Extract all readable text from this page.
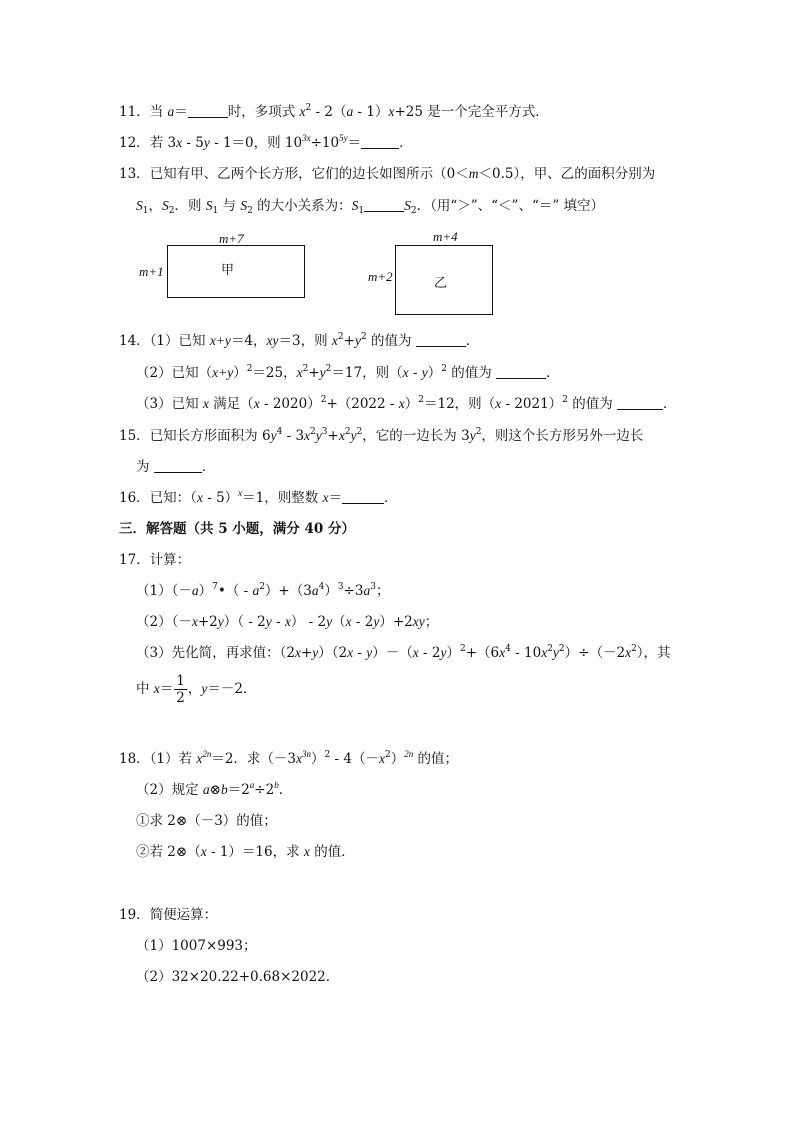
11．当 a＝	时，多项式 $x^2 - 2(a - 1)x+25$ 是一个完全平方式．
12．若 3x - 5y - 1＝0，则 $10^{3x}\div 10^{5y}=$	．
13．已知有甲、乙两个长方形，它们的边长如图所示（0＜m＜0.5），甲、乙的面积分别为
$S_1$，$S_2$．则 $S_1$ 与 $S_2$ 的大小关系为：$S_1$	$S_2$．（用“＞”、“＜”、“＝” 填空）
m+7
m+1	甲
m+4
m+2	乙
14．（1）已知 x+y＝4，xy＝3，则 $x^2+y^2$ 的值为	．
（2）已知$(x+y)^2=25$，$x^2+y^2=17$，则（x - y）$^2$ 的值为	．
（3）已知 x 满足（x - 2020）$^2$+（2022 - x）$^2$＝12，则（x - 2021）$^2$ 的值为	．
15．已知长方形面积为 $6y^4 - 3x^2y^3+x^2y^2$，它的一边长为 $3y^2$，则这个长方形另外一边长
为	．
16．已知：（x - 5）$^x$＝1，则整数 x＝	．
三．解答题（共 5 小题，满分 40 分）
17．计算：
$(1)(-a)^7•( - a^2)+(3a^4)^3\div 3a^3$；
（2）（－x+2y）（ - 2y - x） - 2y（x - 2y）+2xy；
（3）先化简，再求值：$(2x+y)(2x - y)-(x - 2y)^2+(6x^4 - 10x^2y^2)\div(-2x^2)$，其
中 $x= \frac{1}{2}$ ，y＝－2．
18．（1）若 $x^{2n}=2$．求$(-3x^{3n})^2 - 4(-x^2)^{2n}$ 的值；
（2）规定 $a\otimes b=2^a\div 2^b$．
①求 2⊗（－3）的值；
②若 2⊗（x - 1）＝16，求 x 的值．
19．简便运算：
（1）1007×993；
（2）32×20.22+0.68×2022．
